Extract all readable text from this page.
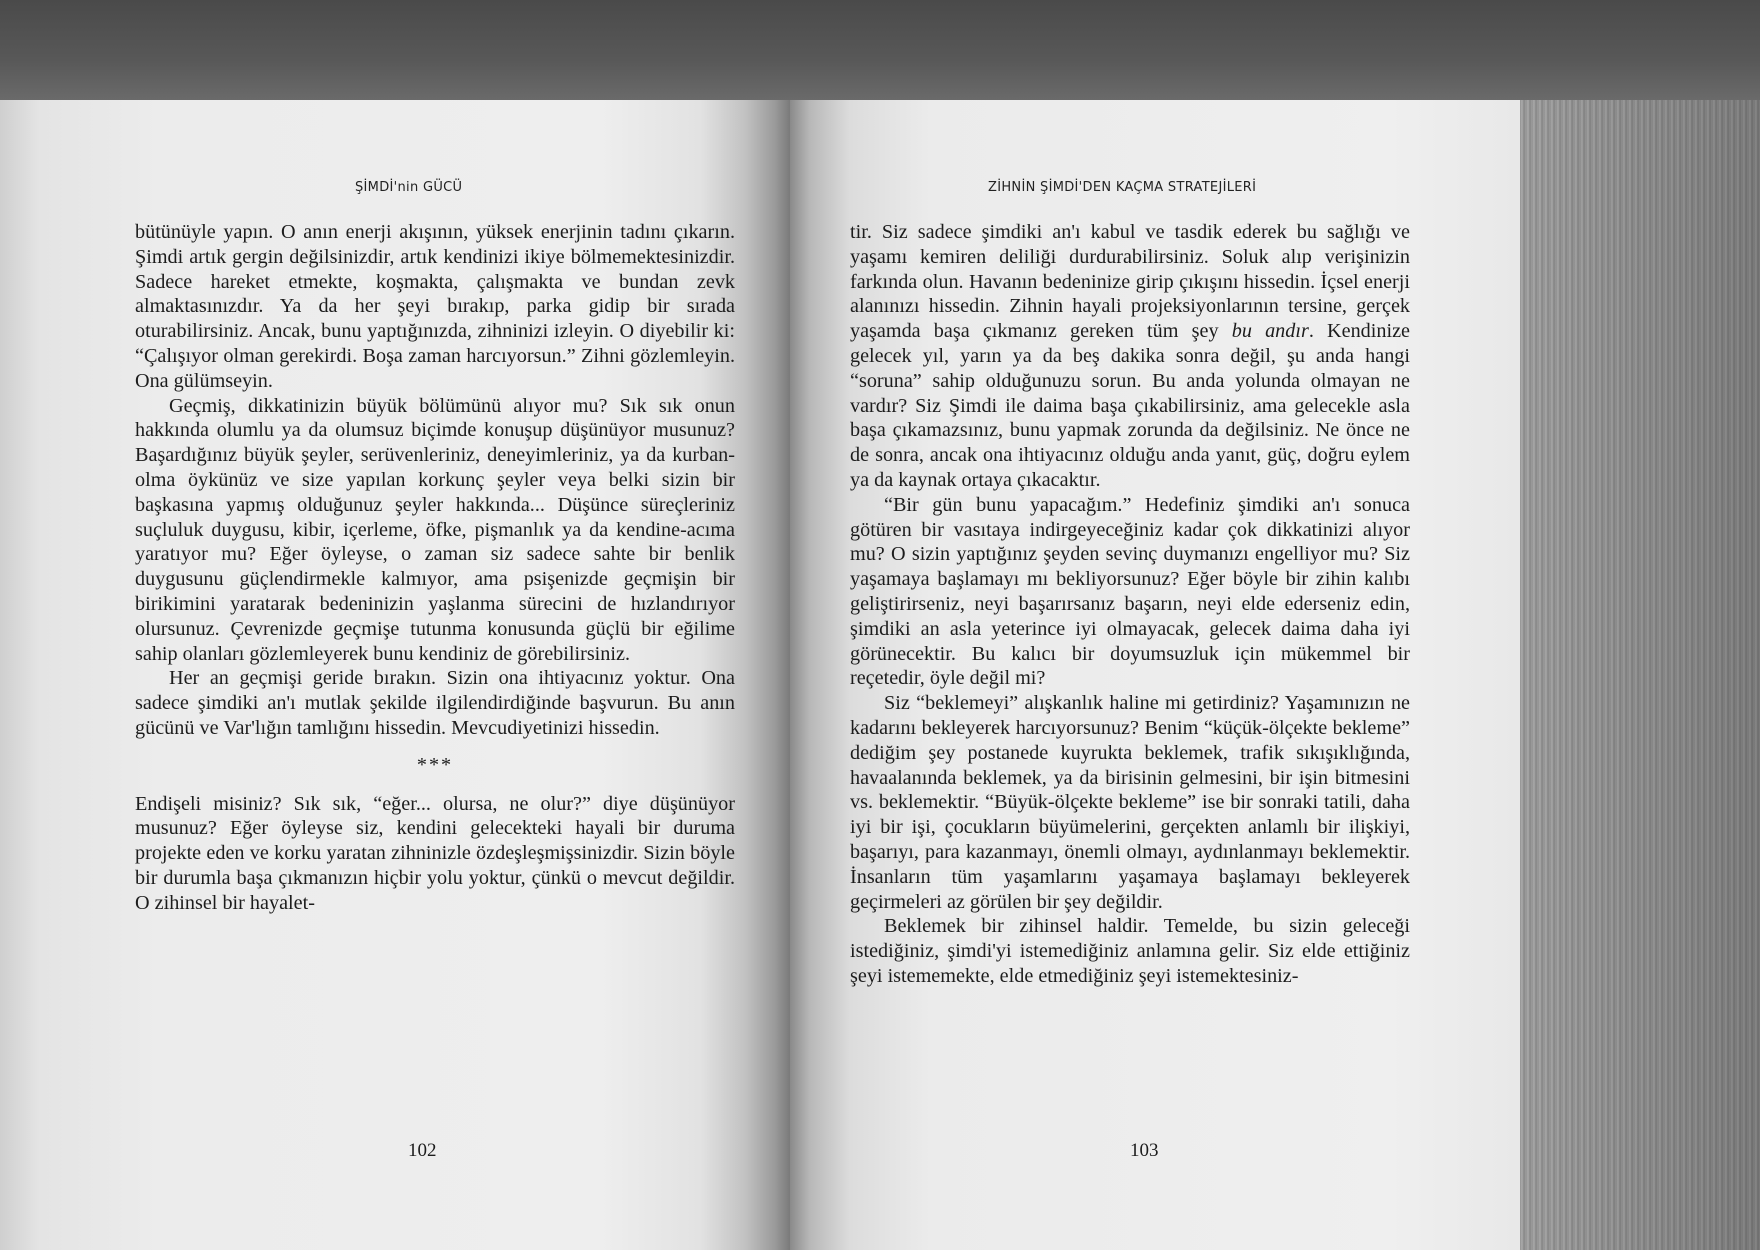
ŞİMDİ'nin GÜCÜ

bütünüyle yapın. O anın enerji akışının, yüksek enerjinin tadını çıkarın. Şimdi artık gergin değilsinizdir, artık kendinizi ikiye bölmemektesinizdir. Sadece hareket etmekte, koşmakta, çalışmakta ve bundan zevk almaktasınızdır. Ya da her şeyi bırakıp, parka gidip bir sırada oturabilirsiniz. Ancak, bunu yaptığınızda, zihninizi izleyin. O diyebilir ki: “Çalışıyor olman gerekirdi. Boşa zaman harcıyorsun.” Zihni gözlemleyin. Ona gülümseyin.

Geçmiş, dikkatinizin büyük bölümünü alıyor mu? Sık sık onun hakkında olumlu ya da olumsuz biçimde konuşup düşünüyor musunuz? Başardığınız büyük şeyler, serüvenleriniz, deneyimleriniz, ya da kurban-olma öykünüz ve size yapılan korkunç şeyler veya belki sizin bir başkasına yapmış olduğunuz şeyler hakkında... Düşünce süreçleriniz suçluluk duygusu, kibir, içerleme, öfke, pişmanlık ya da kendine-acıma yaratıyor mu? Eğer öyleyse, o zaman siz sadece sahte bir benlik duygusunu güçlendirmekle kalmıyor, ama psişenizde geçmişin bir birikimini yaratarak bedeninizin yaşlanma sürecini de hızlandırıyor olursunuz. Çevrenizde geçmişe tutunma konusunda güçlü bir eğilime sahip olanları gözlemleyerek bunu kendiniz de görebilirsiniz.

Her an geçmişi geride bırakın. Sizin ona ihtiyacınız yoktur. Ona sadece şimdiki an'ı mutlak şekilde ilgilendirdiğinde başvurun. Bu anın gücünü ve Var'lığın tamlığını hissedin. Mevcudiyetinizi hissedin.

***

Endişeli misiniz? Sık sık, “eğer... olursa, ne olur?” diye düşünüyor musunuz? Eğer öyleyse siz, kendini gelecekteki hayali bir duruma projekte eden ve korku yaratan zihninizle özdeşleşmişsinizdir. Sizin böyle bir durumla başa çıkmanızın hiçbir yolu yoktur, çünkü o mevcut değildir. O zihinsel bir hayalet-

102
ZİHNİN ŞİMDİ'DEN KAÇMA STRATEJİLERİ

tir. Siz sadece şimdiki an'ı kabul ve tasdik ederek bu sağlığı ve yaşamı kemiren deliliği durdurabilirsiniz. Soluk alıp verişinizin farkında olun. Havanın bedeninize girip çıkışını hissedin. İçsel enerji alanınızı hissedin. Zihnin hayali projeksiyonlarının tersine, gerçek yaşamda başa çıkmanız gereken tüm şey bu andır. Kendinize gelecek yıl, yarın ya da beş dakika sonra değil, şu anda hangi “soruna” sahip olduğunuzu sorun. Bu anda yolunda olmayan ne vardır? Siz Şimdi ile daima başa çıkabilirsiniz, ama gelecekle asla başa çıkamazsınız, bunu yapmak zorunda da değilsiniz. Ne önce ne de sonra, ancak ona ihtiyacınız olduğu anda yanıt, güç, doğru eylem ya da kaynak ortaya çıkacaktır.

“Bir gün bunu yapacağım.” Hedefiniz şimdiki an'ı sonuca götüren bir vasıtaya indirgeyeceğiniz kadar çok dikkatinizi alıyor mu? O sizin yaptığınız şeyden sevinç duymanızı engelliyor mu? Siz yaşamaya başlamayı mı bekliyorsunuz? Eğer böyle bir zihin kalıbı geliştirirseniz, neyi başarırsanız başarın, neyi elde ederseniz edin, şimdiki an asla yeterince iyi olmayacak, gelecek daima daha iyi görünecektir. Bu kalıcı bir doyumsuzluk için mükemmel bir reçetedir, öyle değil mi?

Siz “beklemeyi” alışkanlık haline mi getirdiniz? Yaşamınızın ne kadarını bekleyerek harcıyorsunuz? Benim “küçük-ölçekte bekleme” dediğim şey postanede kuyrukta beklemek, trafik sıkışıklığında, havaalanında beklemek, ya da birisinin gelmesini, bir işin bitmesini vs. beklemektir. “Büyük-ölçekte bekleme” ise bir sonraki tatili, daha iyi bir işi, çocukların büyümelerini, gerçekten anlamlı bir ilişkiyi, başarıyı, para kazanmayı, önemli olmayı, aydınlanmayı beklemektir. İnsanların tüm yaşamlarını yaşamaya başlamayı bekleyerek geçirmeleri az görülen bir şey değildir.

Beklemek bir zihinsel haldir. Temelde, bu sizin geleceği istediğiniz, şimdi'yi istemediğiniz anlamına gelir. Siz elde ettiğiniz şeyi istememekte, elde etmediğiniz şeyi istemektesiniz-

103
